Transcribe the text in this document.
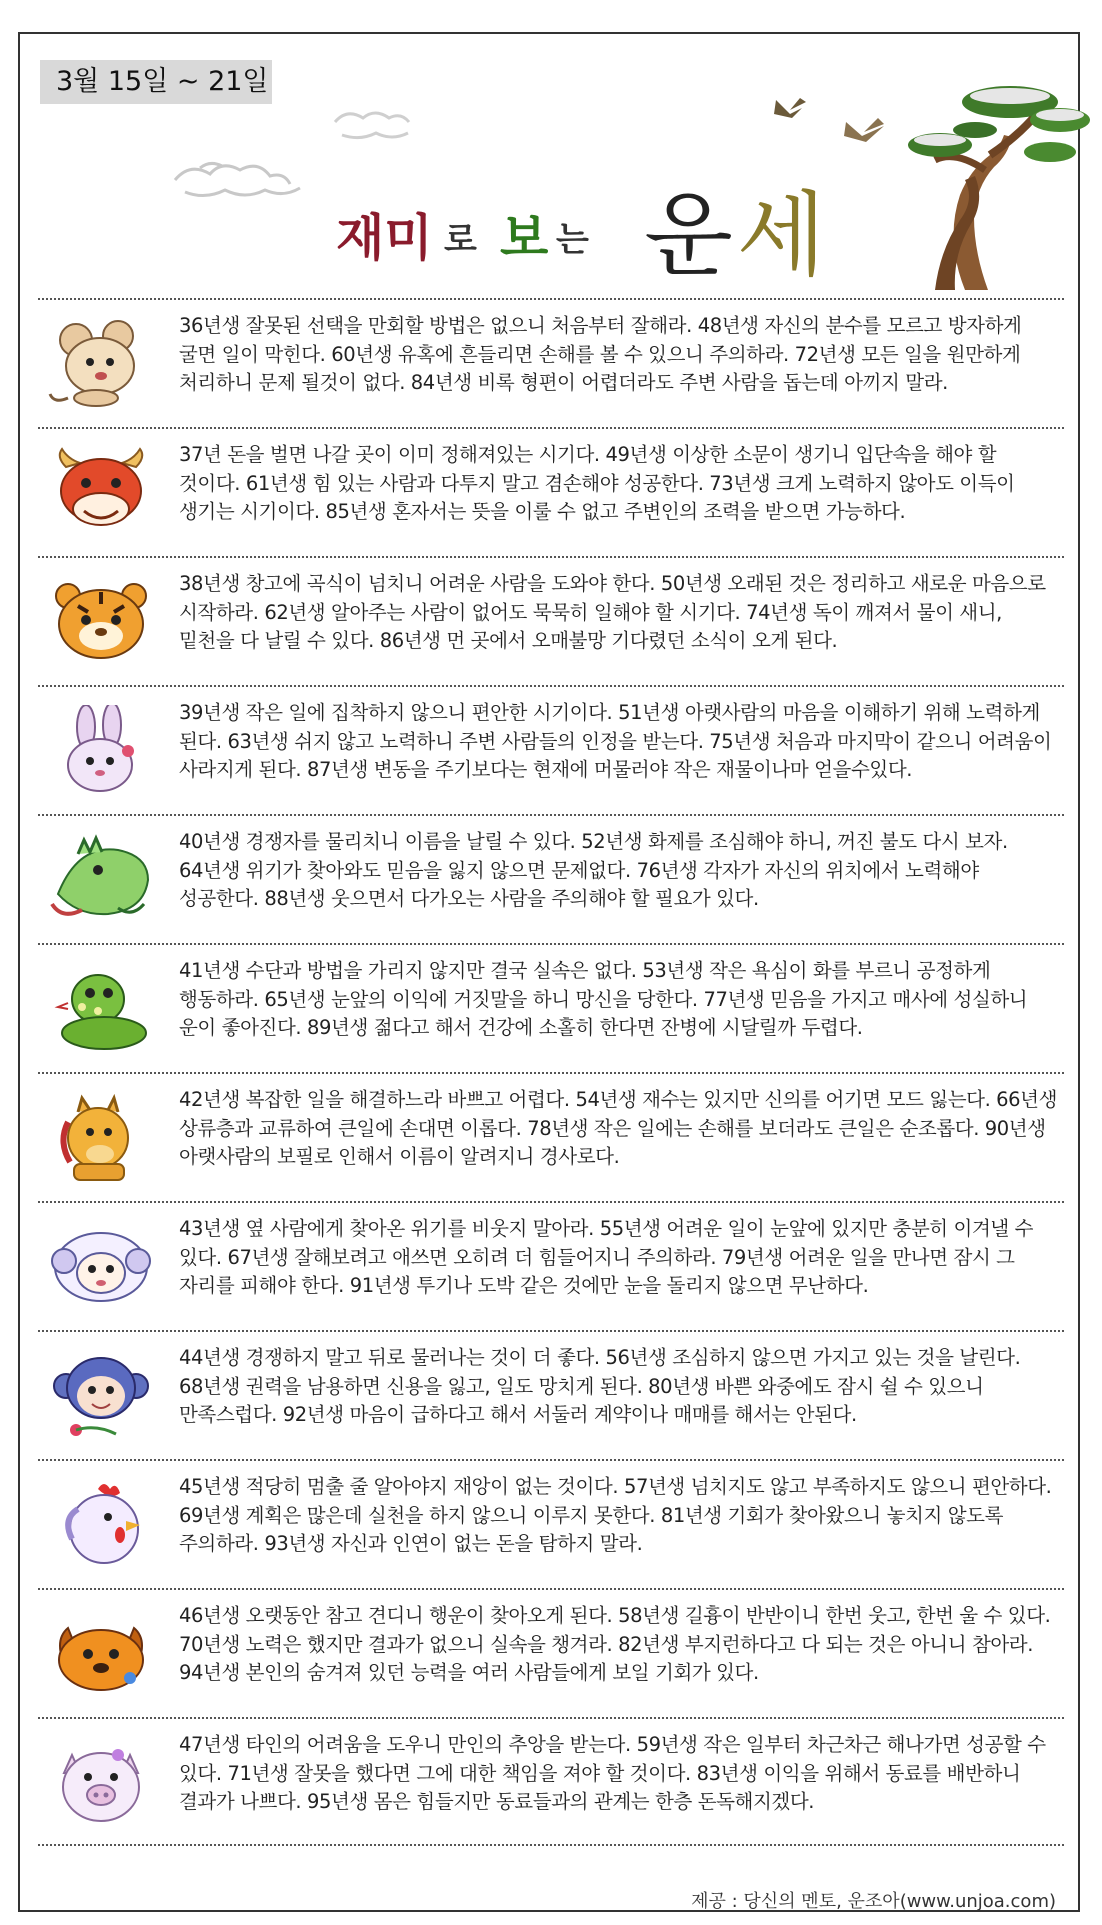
3월 15일 ~ 21일
재미 로 보 는 운세
36년생 잘못된 선택을 만회할 방법은 없으니 처음부터 잘해라. 48년생 자신의 분수를 모르고 방자하게 굴면 일이 막힌다. 60년생 유혹에 흔들리면 손해를 볼 수 있으니 주의하라. 72년생 모든 일을 원만하게 처리하니 문제 될것이 없다. 84년생 비록 형편이 어렵더라도 주변 사람을 돕는데 아끼지 말라.
37년 돈을 벌면 나갈 곳이 이미 정해져있는 시기다. 49년생 이상한 소문이 생기니 입단속을 해야 할 것이다. 61년생 힘 있는 사람과 다투지 말고 겸손해야 성공한다. 73년생 크게 노력하지 않아도 이득이 생기는 시기이다. 85년생 혼자서는 뜻을 이룰 수 없고 주변인의 조력을 받으면 가능하다.
38년생 창고에 곡식이 넘치니 어려운 사람을 도와야 한다. 50년생 오래된 것은 정리하고 새로운 마음으로 시작하라. 62년생 알아주는 사람이 없어도 묵묵히 일해야 할 시기다. 74년생 독이 깨져서 물이 새니, 밑천을 다 날릴 수 있다. 86년생 먼 곳에서 오매불망 기다렸던 소식이 오게 된다.
39년생 작은 일에 집착하지 않으니 편안한 시기이다. 51년생 아랫사람의 마음을 이해하기 위해 노력하게 된다. 63년생 쉬지 않고 노력하니 주변 사람들의 인정을 받는다. 75년생 처음과 마지막이 같으니 어려움이 사라지게 된다. 87년생 변동을 주기보다는 현재에 머물러야 작은 재물이나마 얻을수있다.
40년생 경쟁자를 물리치니 이름을 날릴 수 있다. 52년생 화제를 조심해야 하니, 꺼진 불도 다시 보자. 64년생 위기가 찾아와도 믿음을 잃지 않으면 문제없다. 76년생 각자가 자신의 위치에서 노력해야 성공한다. 88년생 웃으면서 다가오는 사람을 주의해야 할 필요가 있다.
41년생 수단과 방법을 가리지 않지만 결국 실속은 없다. 53년생 작은 욕심이 화를 부르니 공정하게 행동하라. 65년생 눈앞의 이익에 거짓말을 하니 망신을 당한다. 77년생 믿음을 가지고 매사에 성실하니 운이 좋아진다. 89년생 젊다고 해서 건강에 소홀히 한다면 잔병에 시달릴까 두렵다.
42년생 복잡한 일을 해결하느라 바쁘고 어렵다. 54년생 재수는 있지만 신의를 어기면 모드 잃는다. 66년생 상류층과 교류하여 큰일에 손대면 이롭다. 78년생 작은 일에는 손해를 보더라도 큰일은 순조롭다. 90년생 아랫사람의 보필로 인해서 이름이 알려지니 경사로다.
43년생 옆 사람에게 찾아온 위기를 비웃지 말아라. 55년생 어려운 일이 눈앞에 있지만 충분히 이겨낼 수 있다. 67년생 잘해보려고 애쓰면 오히려 더 힘들어지니 주의하라. 79년생 어려운 일을 만나면 잠시 그 자리를 피해야 한다. 91년생 투기나 도박 같은 것에만 눈을 돌리지 않으면 무난하다.
44년생 경쟁하지 말고 뒤로 물러나는 것이 더 좋다. 56년생 조심하지 않으면 가지고 있는 것을 날린다. 68년생 권력을 남용하면 신용을 잃고, 일도 망치게 된다. 80년생 바쁜 와중에도 잠시 쉴 수 있으니 만족스럽다. 92년생 마음이 급하다고 해서 서둘러 계약이나 매매를 해서는 안된다.
45년생 적당히 멈출 줄 알아야지 재앙이 없는 것이다. 57년생 넘치지도 않고 부족하지도 않으니 편안하다. 69년생 계획은 많은데 실천을 하지 않으니 이루지 못한다. 81년생 기회가 찾아왔으니 놓치지 않도록 주의하라. 93년생 자신과 인연이 없는 돈을 탐하지 말라.
46년생 오랫동안 참고 견디니 행운이 찾아오게 된다. 58년생 길흉이 반반이니 한번 웃고, 한번 울 수 있다. 70년생 노력은 했지만 결과가 없으니 실속을 챙겨라. 82년생 부지런하다고 다 되는 것은 아니니 참아라. 94년생 본인의 숨겨져 있던 능력을 여러 사람들에게 보일 기회가 있다.
47년생 타인의 어려움을 도우니 만인의 추앙을 받는다. 59년생 작은 일부터 차근차근 해나가면 성공할 수 있다. 71년생 잘못을 했다면 그에 대한 책임을 져야 할 것이다. 83년생 이익을 위해서 동료를 배반하니 결과가 나쁘다. 95년생 몸은 힘들지만 동료들과의 관계는 한층 돈독해지겠다.
제공 : 당신의 멘토, 운조아(www.unjoa.com)
